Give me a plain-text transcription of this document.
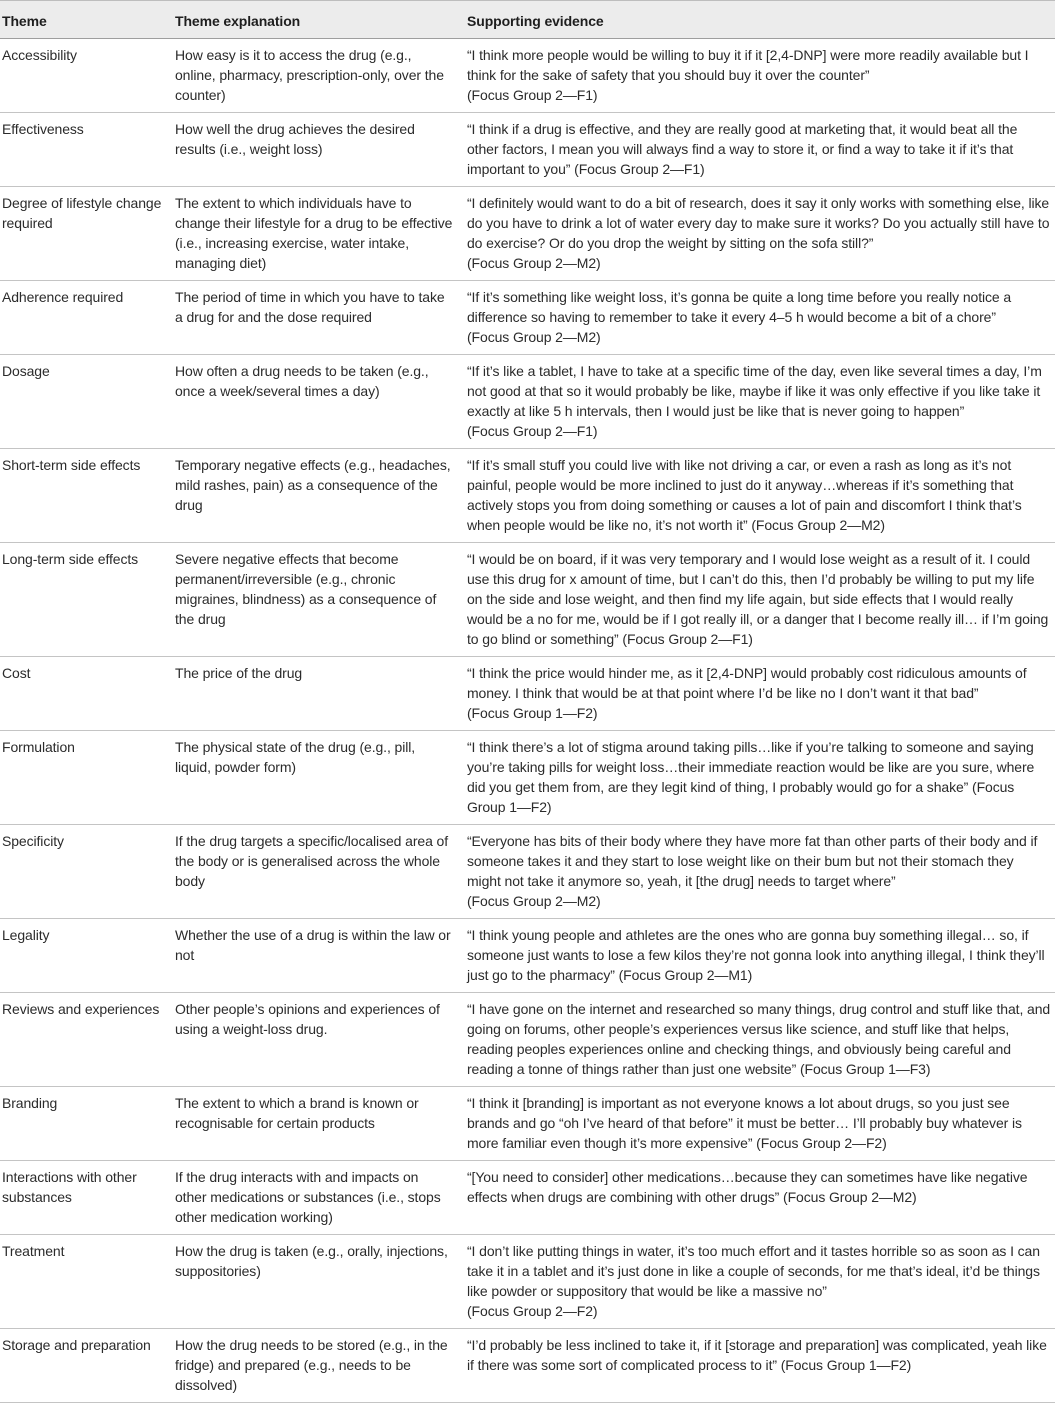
Theme	Theme explanation	Supporting evidence
Accessibility	How easy is it to access the drug (e.g., online, pharmacy, prescription-only, over the counter)	“I think more people would be willing to buy it if it [2,4-DNP] were more readily available but I think for the sake of safety that you should buy it over the counter”
(Focus Group 2—F1)
Effectiveness	How well the drug achieves the desired results (i.e., weight loss)	“I think if a drug is effective, and they are really good at marketing that, it would beat all the other factors, I mean you will always find a way to store it, or find a way to take it if it’s that important to you” (Focus Group 2—F1)
Degree of lifestyle change required	The extent to which individuals have to change their lifestyle for a drug to be effective (i.e., increasing exercise, water intake, managing diet)	“I definitely would want to do a bit of research, does it say it only works with something else, like do you have to drink a lot of water every day to make sure it works? Do you actually still have to do exercise? Or do you drop the weight by sitting on the sofa still?”
(Focus Group 2—M2)
Adherence required	The period of time in which you have to take a drug for and the dose required	“If it’s something like weight loss, it’s gonna be quite a long time before you really notice a difference so having to remember to take it every 4–5 h would become a bit of a chore”
(Focus Group 2—M2)
Dosage	How often a drug needs to be taken (e.g., once a week/several times a day)	“If it’s like a tablet, I have to take at a specific time of the day, even like several times a day, I’m not good at that so it would probably be like, maybe if like it was only effective if you like take it exactly at like 5 h intervals, then I would just be like that is never going to happen”
(Focus Group 2—F1)
Short-term side effects	Temporary negative effects (e.g., headaches, mild rashes, pain) as a consequence of the drug	“If it’s small stuff you could live with like not driving a car, or even a rash as long as it’s not painful, people would be more inclined to just do it anyway…whereas if it’s something that actively stops you from doing something or causes a lot of pain and discomfort I think that’s when people would be like no, it’s not worth it” (Focus Group 2—M2)
Long-term side effects	Severe negative effects that become permanent/irreversible (e.g., chronic migraines, blindness) as a consequence of the drug	“I would be on board, if it was very temporary and I would lose weight as a result of it. I could use this drug for x amount of time, but I can’t do this, then I’d probably be willing to put my life on the side and lose weight, and then find my life again, but side effects that I would really would be a no for me, would be if I got really ill, or a danger that I become really ill… if I’m going to go blind or something” (Focus Group 2—F1)
Cost	The price of the drug	“I think the price would hinder me, as it [2,4-DNP] would probably cost ridiculous amounts of money. I think that would be at that point where I’d be like no I don’t want it that bad”
(Focus Group 1—F2)
Formulation	The physical state of the drug (e.g., pill, liquid, powder form)	“I think there’s a lot of stigma around taking pills…like if you’re talking to someone and saying you’re taking pills for weight loss…their immediate reaction would be like are you sure, where did you get them from, are they legit kind of thing, I probably would go for a shake” (Focus Group 1—F2)
Specificity	If the drug targets a specific/localised area of the body or is generalised across the whole body	“Everyone has bits of their body where they have more fat than other parts of their body and if someone takes it and they start to lose weight like on their bum but not their stomach they might not take it anymore so, yeah, it [the drug] needs to target where”
(Focus Group 2—M2)
Legality	Whether the use of a drug is within the law or not	“I think young people and athletes are the ones who are gonna buy something illegal… so, if someone just wants to lose a few kilos they’re not gonna look into anything illegal, I think they’ll just go to the pharmacy” (Focus Group 2—M1)
Reviews and experiences	Other people’s opinions and experiences of using a weight-loss drug.	“I have gone on the internet and researched so many things, drug control and stuff like that, and going on forums, other people’s experiences versus like science, and stuff like that helps, reading peoples experiences online and checking things, and obviously being careful and reading a tonne of things rather than just one website” (Focus Group 1—F3)
Branding	The extent to which a brand is known or recognisable for certain products	“I think it [branding] is important as not everyone knows a lot about drugs, so you just see brands and go “oh I’ve heard of that before” it must be better… I’ll probably buy whatever is more familiar even though it’s more expensive” (Focus Group 2—F2)
Interactions with other substances	If the drug interacts with and impacts on other medications or substances (i.e., stops other medication working)	“[You need to consider] other medications…because they can sometimes have like negative effects when drugs are combining with other drugs” (Focus Group 2—M2)
Treatment	How the drug is taken (e.g., orally, injections, suppositories)	“I don’t like putting things in water, it’s too much effort and it tastes horrible so as soon as I can take it in a tablet and it’s just done in like a couple of seconds, for me that’s ideal, it’d be things like powder or suppository that would be like a massive no”
(Focus Group 2—F2)
Storage and preparation	How the drug needs to be stored (e.g., in the fridge) and prepared (e.g., needs to be dissolved)	“I’d probably be less inclined to take it, if it [storage and preparation] was complicated, yeah like if there was some sort of complicated process to it” (Focus Group 1—F2)
